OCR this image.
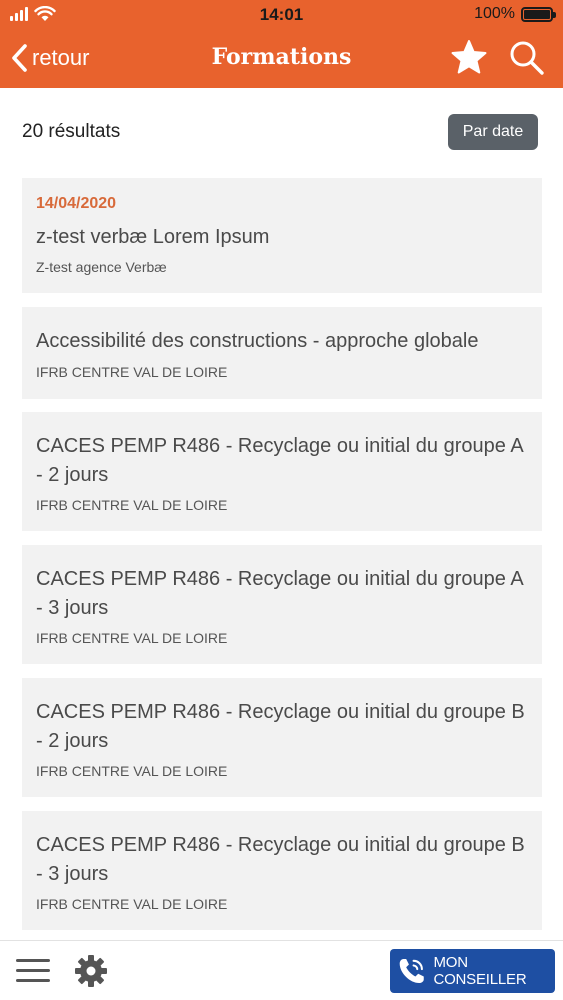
14:01	100%
retour	Formations
20 résultats	Par date
14/04/2020
z-test verbæ Lorem Ipsum
Z-test agence Verbæ
Accessibilité des constructions - approche globale
IFRB CENTRE VAL DE LOIRE
CACES PEMP R486 - Recyclage ou initial du groupe A - 2 jours
IFRB CENTRE VAL DE LOIRE
CACES PEMP R486 - Recyclage ou initial du groupe A - 3 jours
IFRB CENTRE VAL DE LOIRE
CACES PEMP R486 - Recyclage ou initial du groupe B - 2 jours
IFRB CENTRE VAL DE LOIRE
CACES PEMP R486 - Recyclage ou initial du groupe B - 3 jours
IFRB CENTRE VAL DE LOIRE
MON CONSEILLER
